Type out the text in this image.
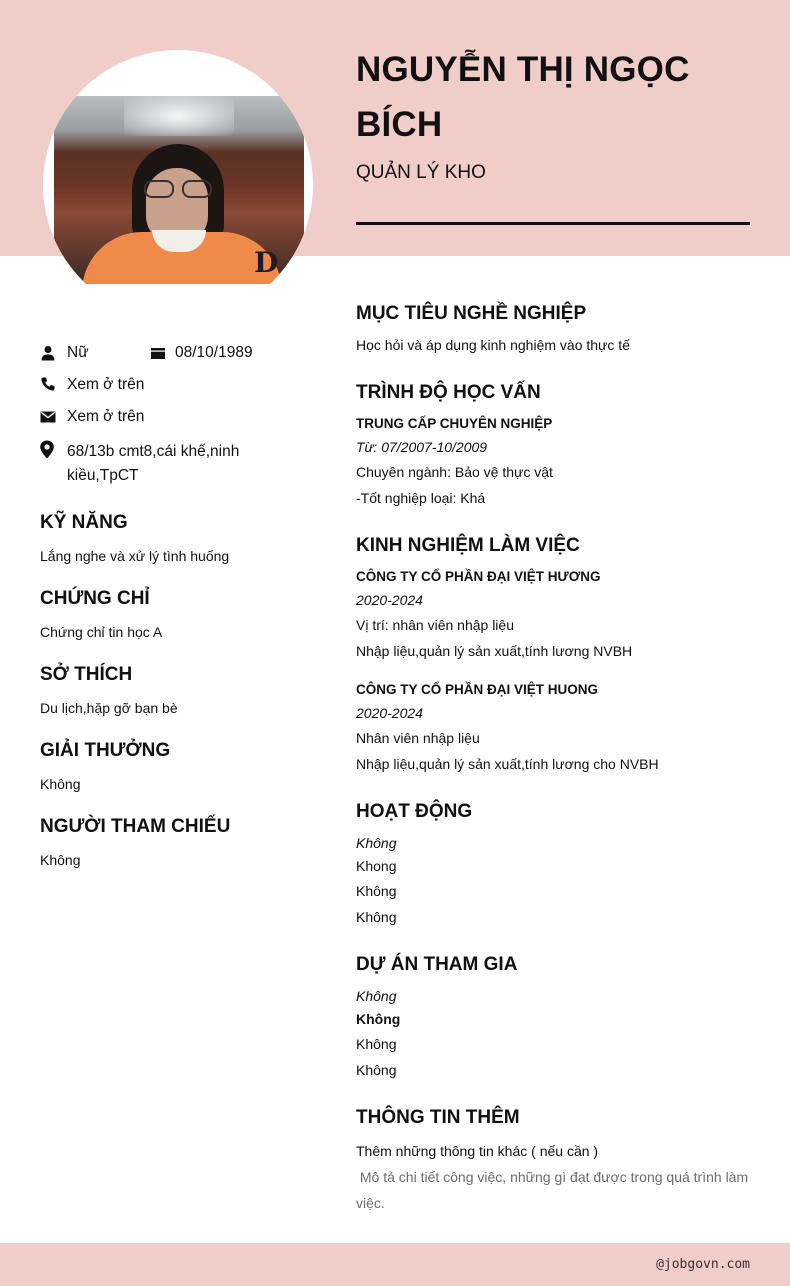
D
NGUYỄN THỊ NGỌC BÍCH
QUẢN LÝ KHO
Nữ	08/10/1989
Xem ở trên
Xem ở trên
68/13b cmt8,cái khế,ninh kiều,TpCT
KỸ NĂNG
Lắng nghe và xử lý tình huống
CHỨNG CHỈ
Chứng chỉ tin học A
SỞ THÍCH
Du lịch,hặp gỡ bạn bè
GIẢI THƯỞNG
Không
NGƯỜI THAM CHIẾU
Không
MỤC TIÊU NGHỀ NGHIỆP
Học hỏi và áp dụng kinh nghiệm vào thực tế
TRÌNH ĐỘ HỌC VẤN
TRUNG CẤP CHUYÊN NGHIỆP
Từ: 07/2007-10/2009
Chuyên ngành: Bảo vệ thực vật
-Tốt nghiệp loại: Khá
KINH NGHIỆM LÀM VIỆC
CÔNG TY CỔ PHẦN ĐẠI VIỆT HƯƠNG
2020-2024
Vị trí: nhân viên nhập liệu
Nhập liệu,quản lý sản xuất,tính lương NVBH
CÔNG TY CỔ PHẦN ĐẠI VIỆT HUONG
2020-2024
Nhân viên nhập liệu
Nhập liệu,quản lý sản xuất,tính lương cho NVBH
HOẠT ĐỘNG
Không
Khong
Không
Không
DỰ ÁN THAM GIA
Không
Không
Không
Không
THÔNG TIN THÊM
Thêm những thông tin khác ( nếu cần )
Mô tả chi tiết công việc, những gì đạt được trong quá trình làm
việc.
@jobgovn.com
